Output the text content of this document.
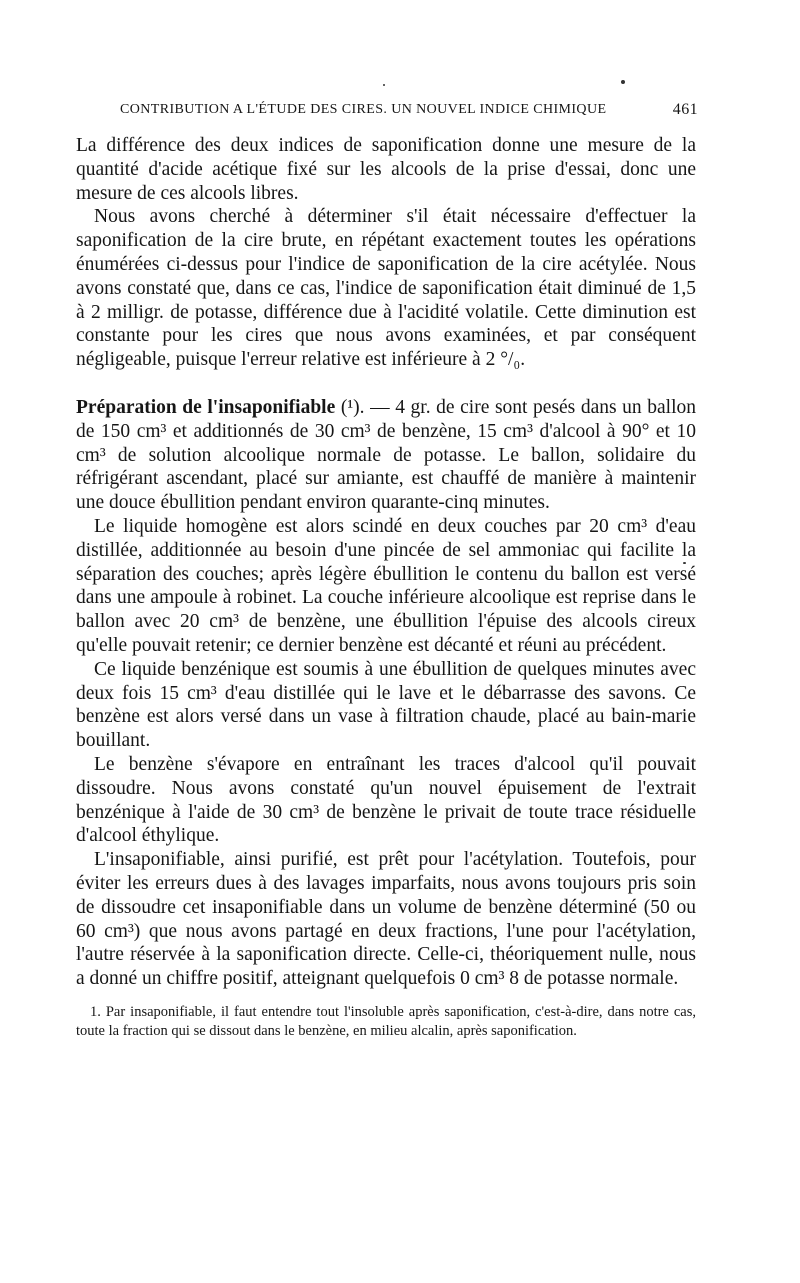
CONTRIBUTION A L'ÉTUDE DES CIRES. UN NOUVEL INDICE CHIMIQUE	461

La différence des deux indices de saponification donne une mesure de la quantité d'acide acétique fixé sur les alcools de la prise d'essai, donc une mesure de ces alcools libres.

Nous avons cherché à déterminer s'il était nécessaire d'effectuer la saponification de la cire brute, en répétant exactement toutes les opérations énumérées ci-dessus pour l'indice de saponification de la cire acétylée. Nous avons constaté que, dans ce cas, l'indice de saponification était diminué de 1,5 à 2 milligr. de potasse, différence due à l'acidité volatile. Cette diminution est constante pour les cires que nous avons examinées, et par conséquent négligeable, puisque l'erreur relative est inférieure à 2 °/₀.

Préparation de l'insaponifiable (¹). — 4 gr. de cire sont pesés dans un ballon de 150 cm³ et additionnés de 30 cm³ de benzène, 15 cm³ d'alcool à 90° et 10 cm³ de solution alcoolique normale de potasse. Le ballon, solidaire du réfrigérant ascendant, placé sur amiante, est chauffé de manière à maintenir une douce ébullition pendant environ quarante-cinq minutes.

Le liquide homogène est alors scindé en deux couches par 20 cm³ d'eau distillée, additionnée au besoin d'une pincée de sel ammoniac qui facilite la séparation des couches; après légère ébullition le contenu du ballon est versé dans une ampoule à robinet. La couche inférieure alcoolique est reprise dans le ballon avec 20 cm³ de benzène, une ébullition l'épuise des alcools cireux qu'elle pouvait retenir; ce dernier benzène est décanté et réuni au précédent.

Ce liquide benzénique est soumis à une ébullition de quelques minutes avec deux fois 15 cm³ d'eau distillée qui le lave et le débarrasse des savons. Ce benzène est alors versé dans un vase à filtration chaude, placé au bain-marie bouillant.

Le benzène s'évapore en entraînant les traces d'alcool qu'il pouvait dissoudre. Nous avons constaté qu'un nouvel épuisement de l'extrait benzénique à l'aide de 30 cm³ de benzène le privait de toute trace résiduelle d'alcool éthylique.

L'insaponifiable, ainsi purifié, est prêt pour l'acétylation. Toutefois, pour éviter les erreurs dues à des lavages imparfaits, nous avons toujours pris soin de dissoudre cet insaponifiable dans un volume de benzène déterminé (50 ou 60 cm³) que nous avons partagé en deux fractions, l'une pour l'acétylation, l'autre réservée à la saponification directe. Celle-ci, théoriquement nulle, nous a donné un chiffre positif, atteignant quelquefois 0 cm³ 8 de potasse normale.

1. Par insaponifiable, il faut entendre tout l'insoluble après saponification, c'est-à-dire, dans notre cas, toute la fraction qui se dissout dans le benzène, en milieu alcalin, après saponification.
